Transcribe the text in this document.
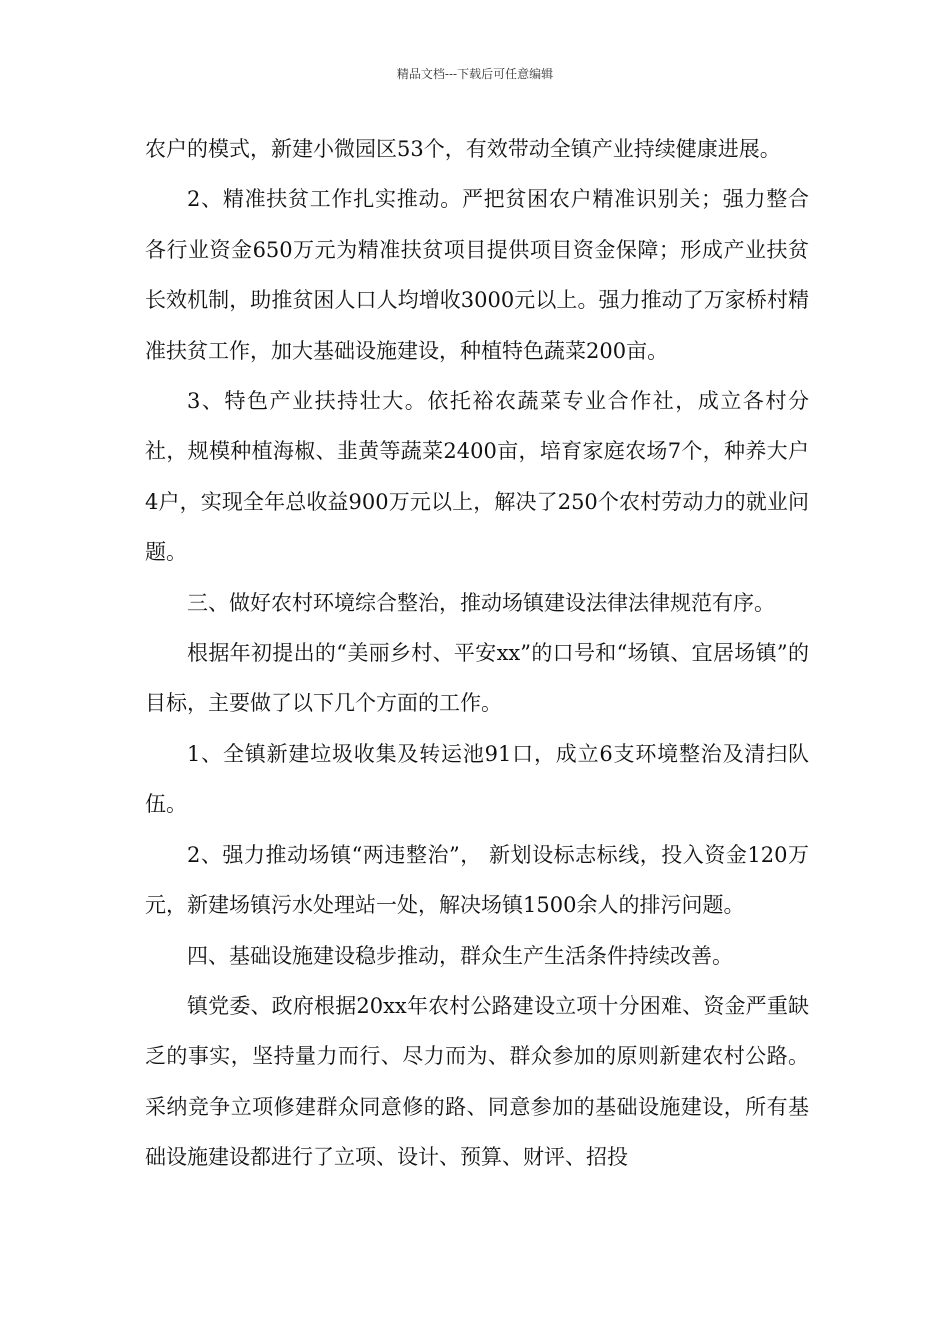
精品文档---下载后可任意编辑

农户的模式，新建小微园区53个，有效带动全镇产业持续健康进展。

2、精准扶贫工作扎实推动。严把贫困农户精准识别关；强力整合各行业资金650万元为精准扶贫项目提供项目资金保障；形成产业扶贫长效机制，助推贫困人口人均增收3000元以上。强力推动了万家桥村精准扶贫工作，加大基础设施建设，种植特色蔬菜200亩。

3、特色产业扶持壮大。依托裕农蔬菜专业合作社，成立各村分社，规模种植海椒、韭黄等蔬菜2400亩，培育家庭农场7个，种养大户4户，实现全年总收益900万元以上，解决了250个农村劳动力的就业问题。

三、做好农村环境综合整治，推动场镇建设法律法律规范有序。

根据年初提出的“美丽乡村、平安xx”的口号和“场镇、宜居场镇”的目标，主要做了以下几个方面的工作。

1、全镇新建垃圾收集及转运池91口，成立6支环境整治及清扫队伍。

2、强力推动场镇“两违整治”， 新划设标志标线，投入资金120万元，新建场镇污水处理站一处，解决场镇1500余人的排污问题。

四、基础设施建设稳步推动，群众生产生活条件持续改善。

镇党委、政府根据20xx年农村公路建设立项十分困难、资金严重缺乏的事实，坚持量力而行、尽力而为、群众参加的原则新建农村公路。采纳竞争立项修建群众同意修的路、同意参加的基础设施建设，所有基础设施建设都进行了立项、设计、预算、财评、招投
